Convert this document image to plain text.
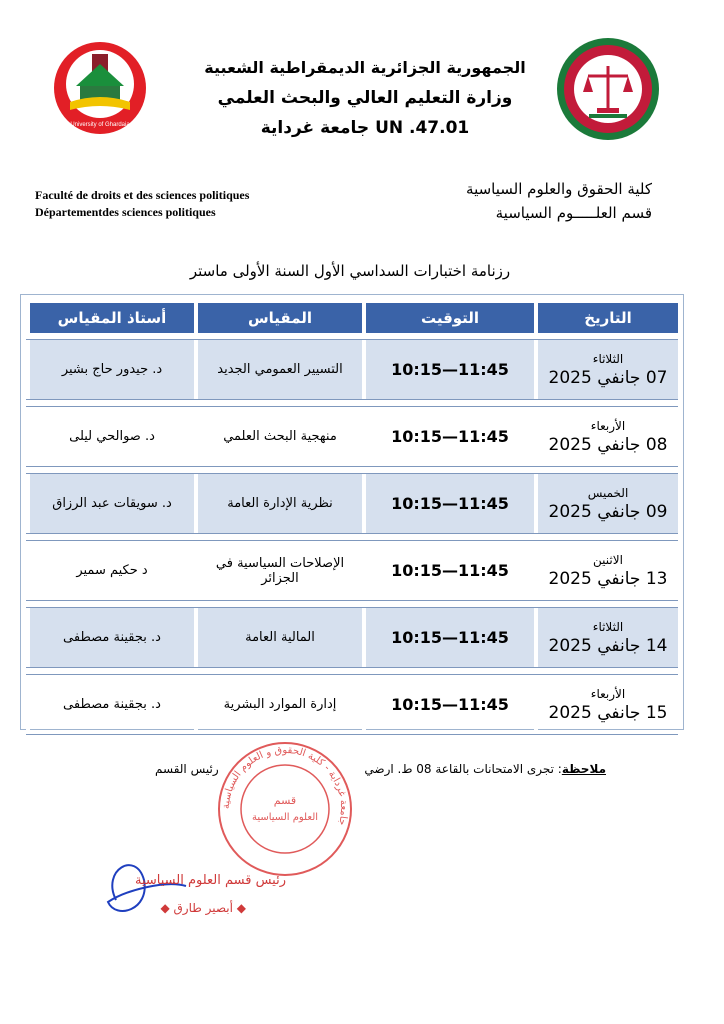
University of Ghardaia
الجمهورية الجزائرية الديمقراطية الشعبية
وزارة التعليم العالي والبحث العلمي
جامعة غرداية UN .47.01
Faculté de droits et des sciences politiques
Départementdes sciences politiques
كلية الحقوق والعلوم السياسية
قسم العلـــــوم السياسية
رزنامة اختبارات السداسي الأول السنة الأولى ماستر
التاريخ
التوقيت
المقياس
أستاذ المقياس
الثلاثاء
07 جانفي 2025
10:15—11:45
التسيير العمومي الجديد
د. جيدور حاج بشير
الأربعاء
08 جانفي 2025
10:15—11:45
منهجية البحث العلمي
د. صوالحي ليلى
الخميس
09 جانفي 2025
10:15—11:45
نظرية الإدارة العامة
د. سويقات عبد الرزاق
الاثنين
13 جانفي 2025
10:15—11:45
الإصلاحات السياسية في الجزائر
د حكيم سمير
الثلاثاء
14 جانفي 2025
10:15—11:45
المالية العامة
د. بجقينة مصطفى
الأربعاء
15 جانفي 2025
10:15—11:45
إدارة الموارد البشرية
د. بجقينة مصطفى
ملاحظة: تجرى الامتحانات بالقاعة 08 ط. ارضي
رئيس القسم
جامعة غرداية - كلية الحقوق و العلوم السياسية
قسم
العلوم السياسية
رئيس قسم العلوم السياسية
◆ أبصير طارق ◆
